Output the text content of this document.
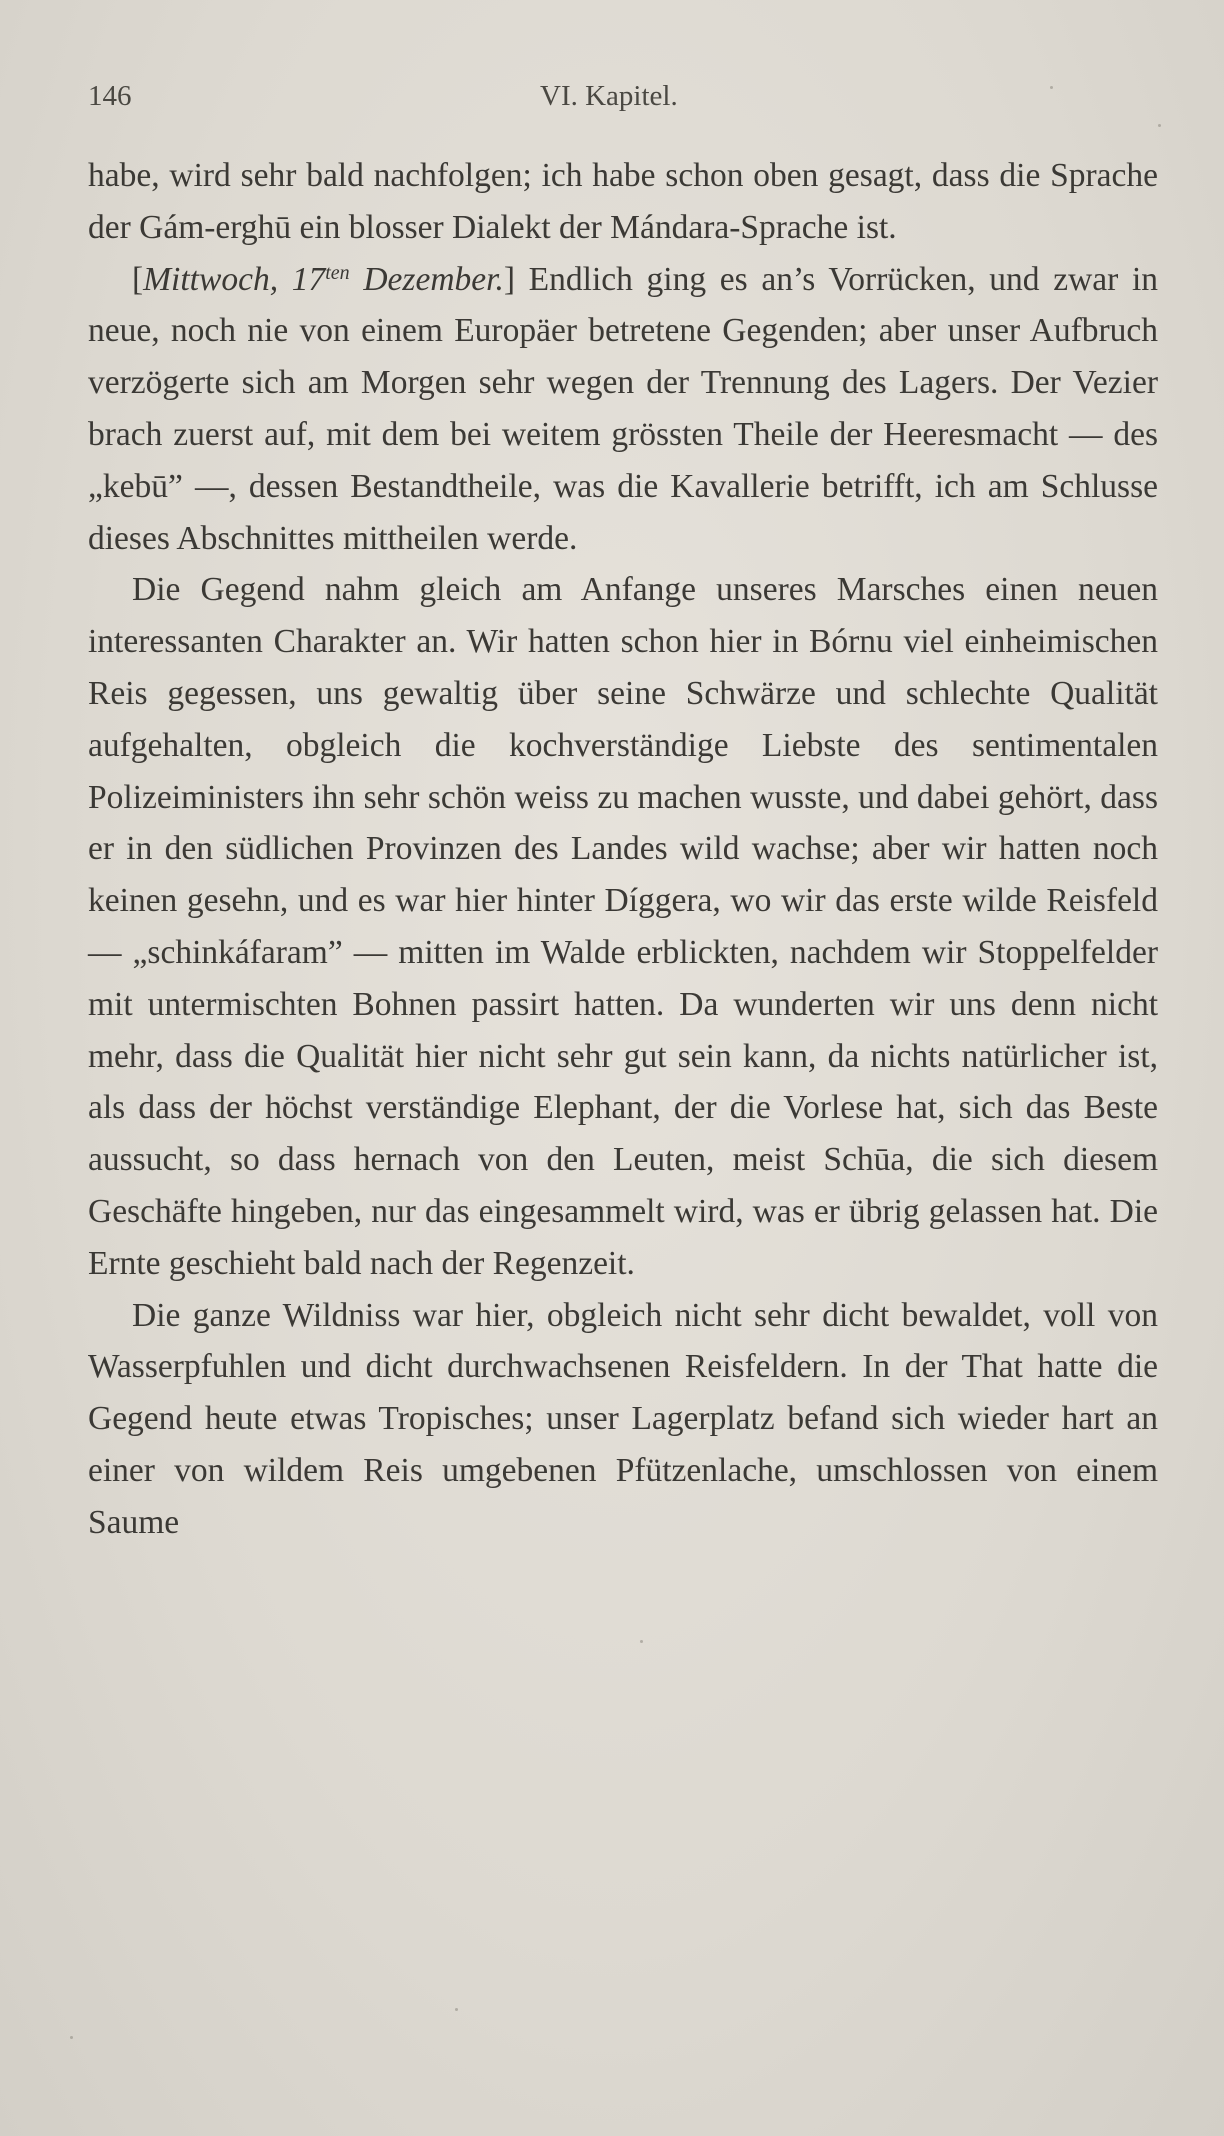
146	VI. Kapitel.

habe, wird sehr bald nachfolgen; ich habe schon oben gesagt, dass die Sprache der Gám-erghū ein blosser Dialekt der Mándara-Sprache ist.

[Mittwoch, $17^{ten}$ Dezember.] Endlich ging es an’s Vorrücken, und zwar in neue, noch nie von einem Europäer betretene Gegenden; aber unser Aufbruch verzögerte sich am Morgen sehr wegen der Trennung des Lagers. Der Vezier brach zuerst auf, mit dem bei weitem grössten Theile der Heeresmacht — des „kebū” —, dessen Bestandtheile, was die Kavallerie betrifft, ich am Schlusse dieses Abschnittes mittheilen werde.

Die Gegend nahm gleich am Anfange unseres Marsches einen neuen interessanten Charakter an. Wir hatten schon hier in Bórnu viel einheimischen Reis gegessen, uns gewaltig über seine Schwärze und schlechte Qualität aufgehalten, obgleich die kochverständige Liebste des sentimentalen Polizeiministers ihn sehr schön weiss zu machen wusste, und dabei gehört, dass er in den südlichen Provinzen des Landes wild wachse; aber wir hatten noch keinen gesehn, und es war hier hinter Díggera, wo wir das erste wilde Reisfeld — „schinkáfaram” — mitten im Walde erblickten, nachdem wir Stoppelfelder mit untermischten Bohnen passirt hatten. Da wunderten wir uns denn nicht mehr, dass die Qualität hier nicht sehr gut sein kann, da nichts natürlicher ist, als dass der höchst verständige Elephant, der die Vorlese hat, sich das Beste aussucht, so dass hernach von den Leuten, meist Schūa, die sich diesem Geschäfte hingeben, nur das eingesammelt wird, was er übrig gelassen hat. Die Ernte geschieht bald nach der Regenzeit.

Die ganze Wildniss war hier, obgleich nicht sehr dicht bewaldet, voll von Wasserpfuhlen und dicht durchwachsenen Reisfeldern. In der That hatte die Gegend heute etwas Tropisches; unser Lagerplatz befand sich wieder hart an einer von wildem Reis umgebenen Pfützenlache, umschlossen von einem Saume
